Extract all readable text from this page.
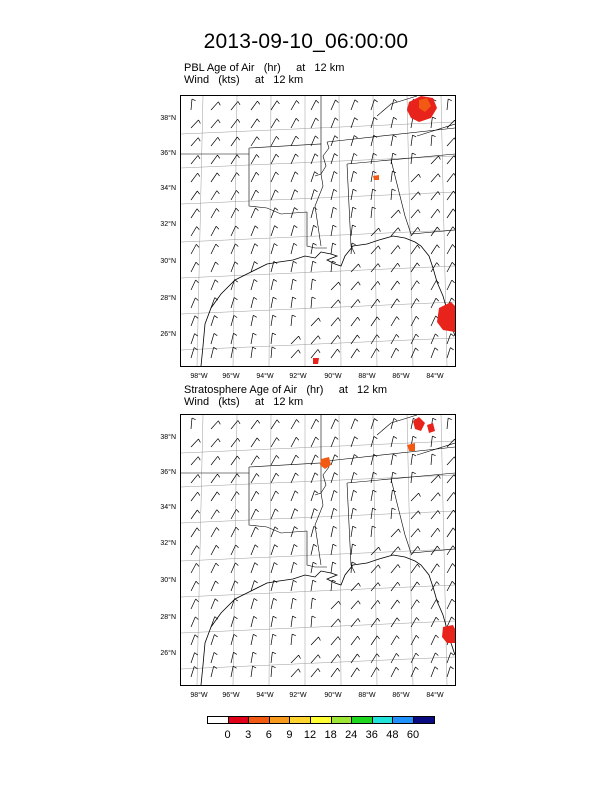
2013-09-10_06:00:00
PBL Age of Air (hr) at   12 km
Wind (kts) at   12 km
Stratosphere Age of Air (hr) at   12 km
Wind (kts) at   12 km
38°N
36°N
34°N
32°N
30°N
28°N
26°N
98°W	96°W	94°W	92°W	90°W	88°W	86°W	84°W
38°N
36°N
34°N
32°N
30°N
28°N
26°N
98°W	96°W	94°W	92°W	90°W	88°W	86°W	84°W
0	3	6	9	12 18 24 36 48 60
